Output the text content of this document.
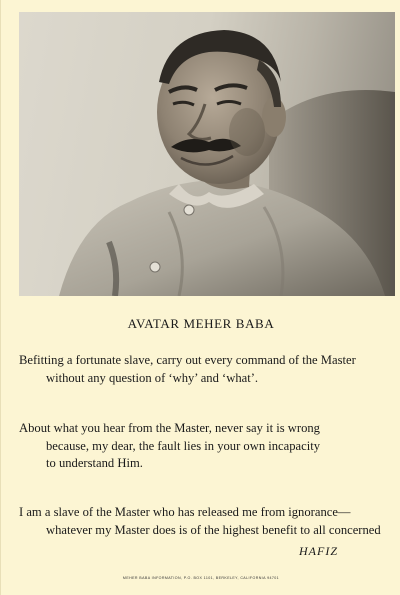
AVATAR MEHER BABA
Befitting a fortunate slave, carry out every command of the Master
without any question of ‘why’ and ‘what’.
About what you hear from the Master, never say it is wrong
because, my dear, the fault lies in your own incapacity
to understand Him.
I am a slave of the Master who has released me from ignorance—
whatever my Master does is of the highest benefit to all concerned
HAFIZ
MEHER BABA INFORMATION, P.O. BOX 1101, BERKELEY, CALIFORNIA 94701
